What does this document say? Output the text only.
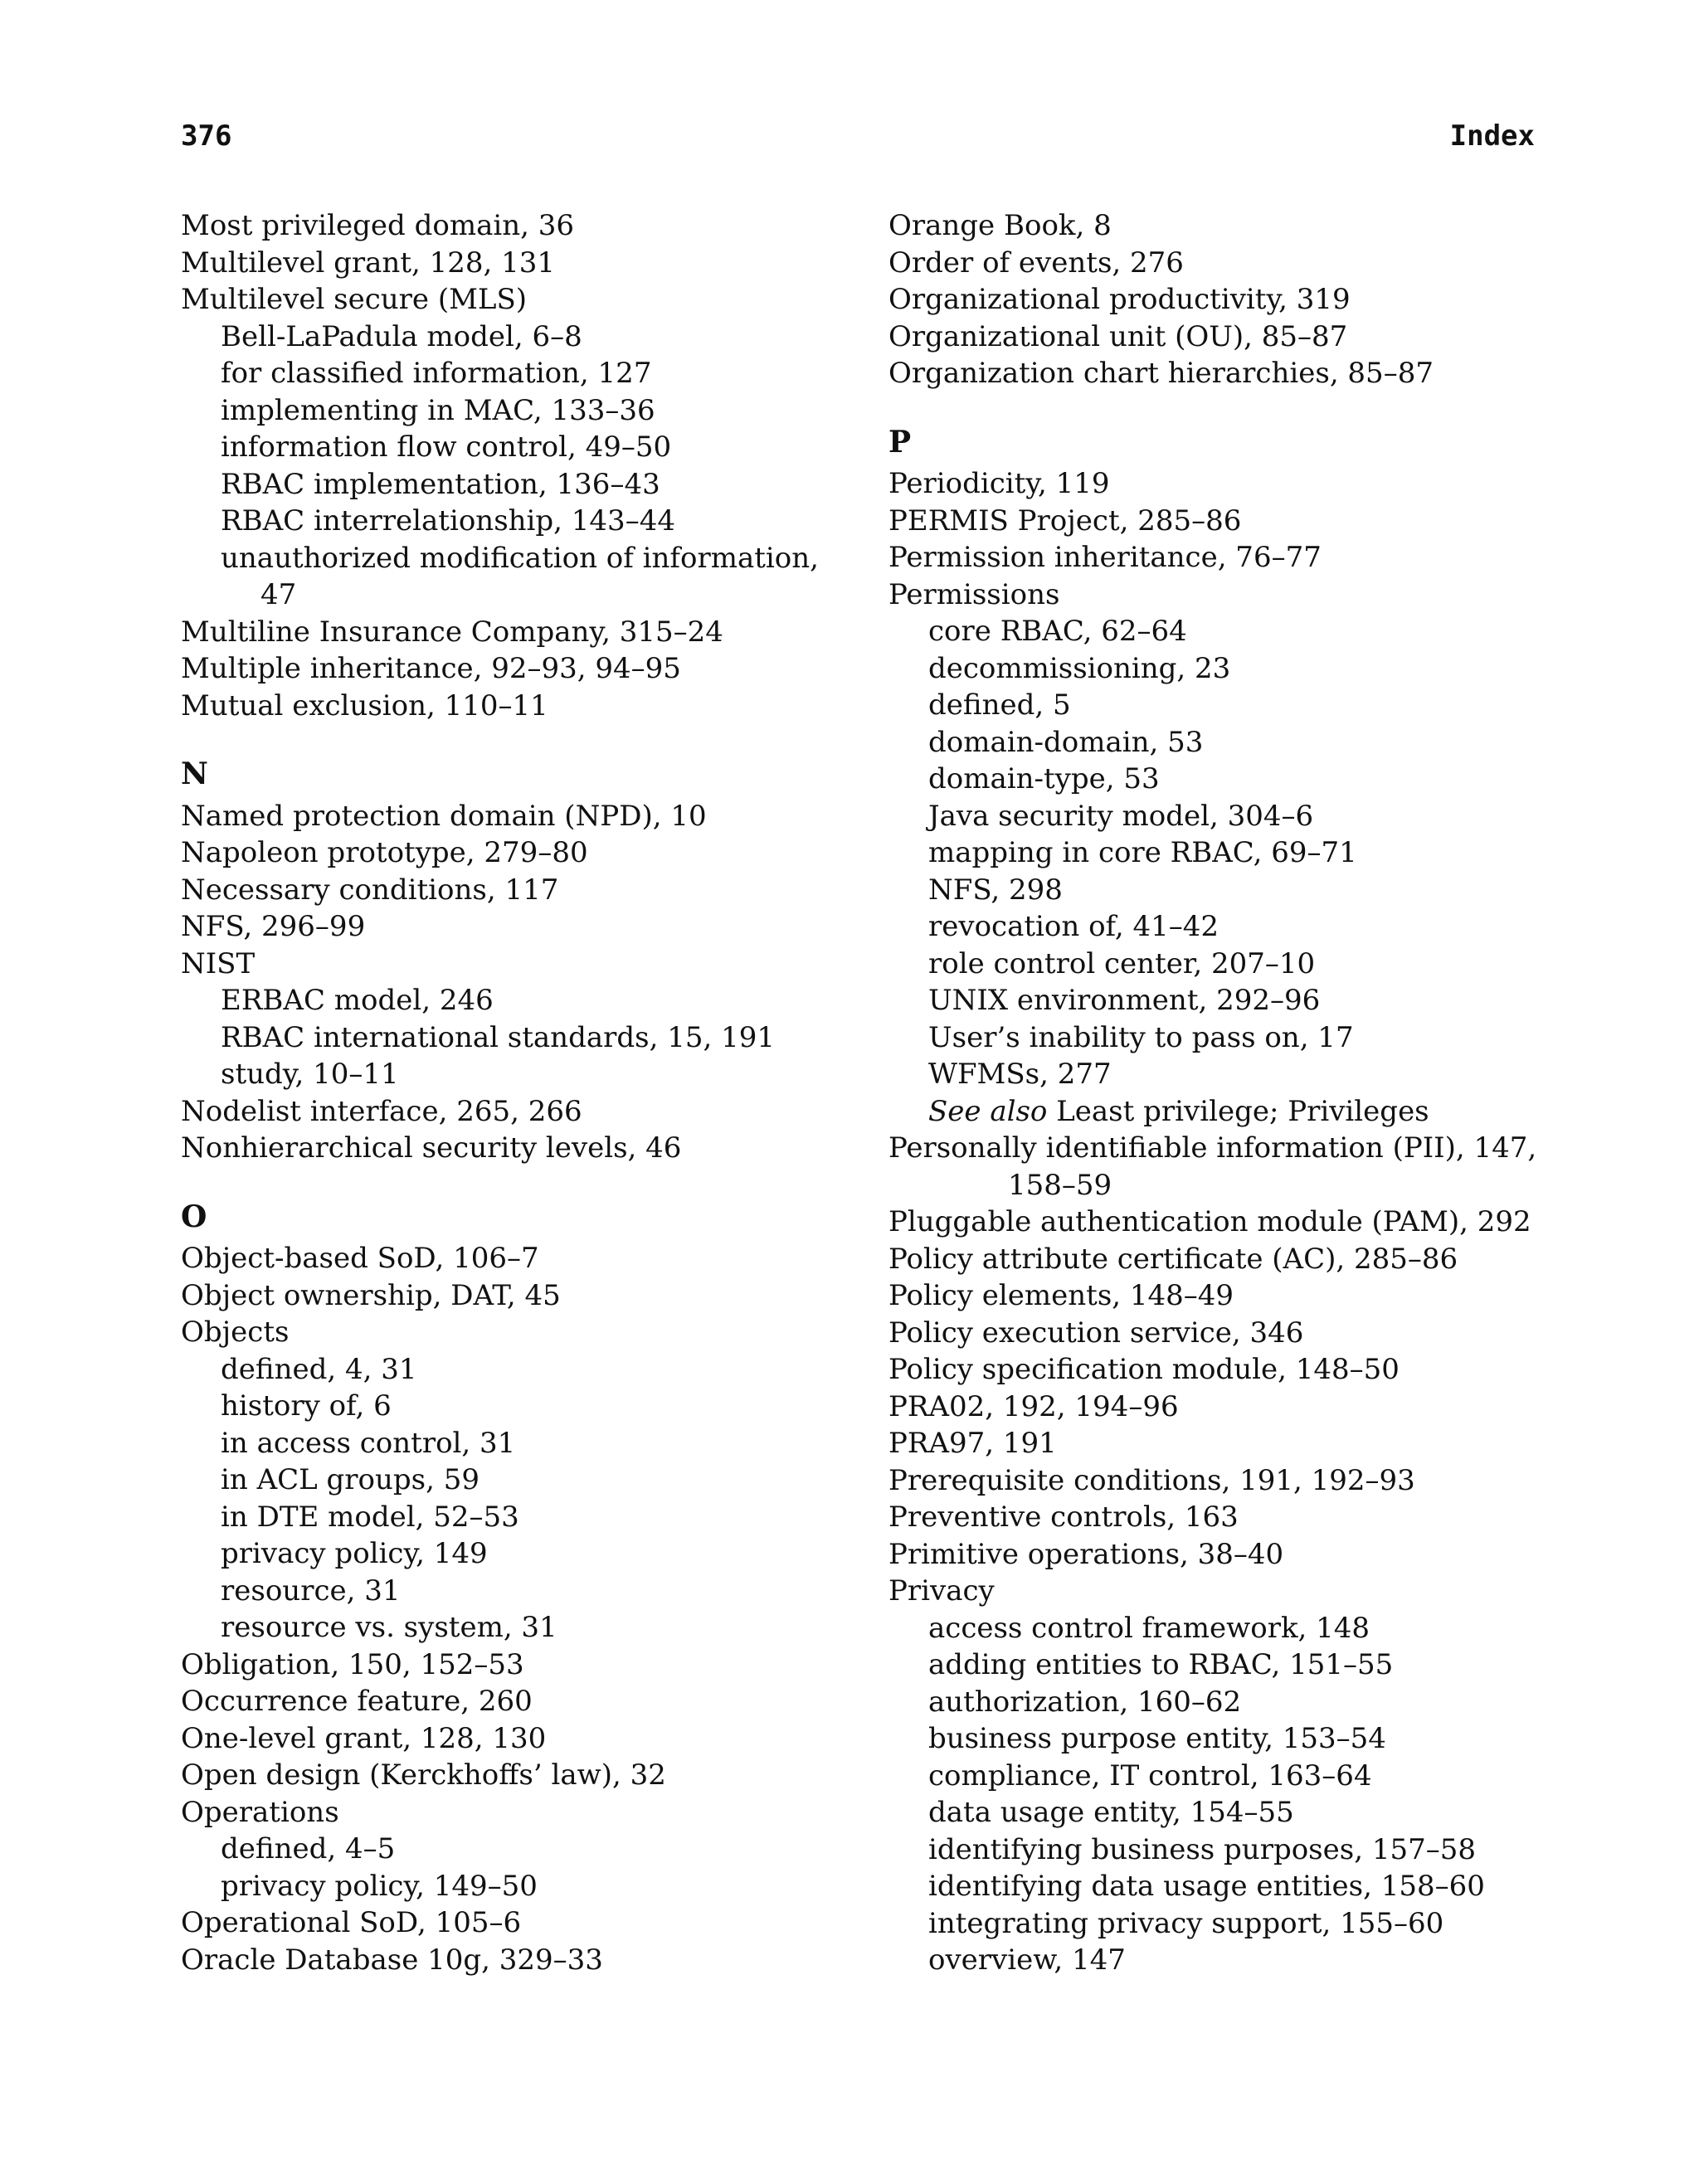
376	Index

Most privileged domain, 36

Multilevel grant, 128, 131

Multilevel secure (MLS)

Bell-LaPadula model, 6–8

for classified information, 127

implementing in MAC, 133–36

information flow control, 49–50

RBAC implementation, 136–43

RBAC interrelationship, 143–44

unauthorized modification of information,

47

Multiline Insurance Company, 315–24

Multiple inheritance, 92–93, 94–95

Mutual exclusion, 110–11

N

Named protection domain (NPD), 10

Napoleon prototype, 279–80

Necessary conditions, 117

NFS, 296–99

NIST

ERBAC model, 246

RBAC international standards, 15, 191

study, 10–11

Nodelist interface, 265, 266

Nonhierarchical security levels, 46

O

Object-based SoD, 106–7

Object ownership, DAT, 45

Objects

defined, 4, 31

history of, 6

in access control, 31

in ACL groups, 59

in DTE model, 52–53

privacy policy, 149

resource, 31

resource vs. system, 31

Obligation, 150, 152–53

Occurrence feature, 260

One-level grant, 128, 130

Open design (Kerckhoffs’ law), 32

Operations

defined, 4–5

privacy policy, 149–50

Operational SoD, 105–6

Oracle Database 10g, 329–33

Orange Book, 8

Order of events, 276

Organizational productivity, 319

Organizational unit (OU), 85–87

Organization chart hierarchies, 85–87

P

Periodicity, 119

PERMIS Project, 285–86

Permission inheritance, 76–77

Permissions

core RBAC, 62–64

decommissioning, 23

defined, 5

domain-domain, 53

domain-type, 53

Java security model, 304–6

mapping in core RBAC, 69–71

NFS, 298

revocation of, 41–42

role control center, 207–10

UNIX environment, 292–96

User’s inability to pass on, 17

WFMSs, 277

See also Least privilege; Privileges

Personally identifiable information (PII), 147,

158–59

Pluggable authentication module (PAM), 292

Policy attribute certificate (AC), 285–86

Policy elements, 148–49

Policy execution service, 346

Policy specification module, 148–50

PRA02, 192, 194–96

PRA97, 191

Prerequisite conditions, 191, 192–93

Preventive controls, 163

Primitive operations, 38–40

Privacy

access control framework, 148

adding entities to RBAC, 151–55

authorization, 160–62

business purpose entity, 153–54

compliance, IT control, 163–64

data usage entity, 154–55

identifying business purposes, 157–58

identifying data usage entities, 158–60

integrating privacy support, 155–60

overview, 147
